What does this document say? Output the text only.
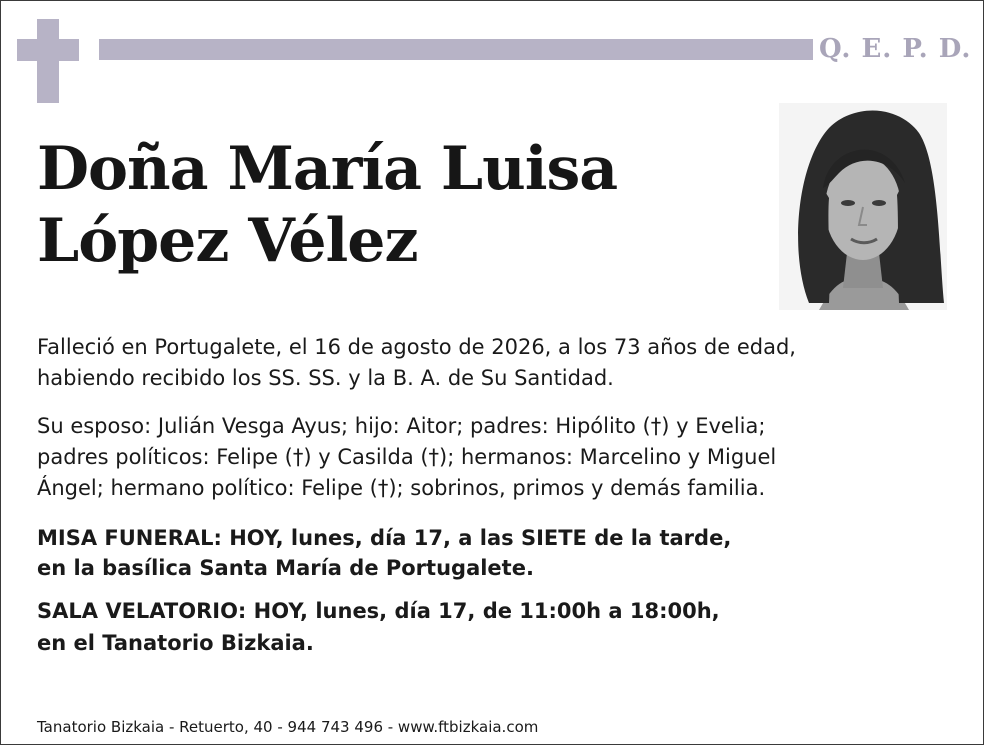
Q. E. P. D.
Doña María Luisa
López Vélez
Falleció en Portugalete, el 16 de agosto de 2026, a los 73 años de edad,
habiendo recibido los SS. SS. y la B. A. de Su Santidad.
Su esposo: Julián Vesga Ayus; hijo: Aitor; padres: Hipólito (†) y Evelia;
padres políticos: Felipe (†) y Casilda (†); hermanos: Marcelino y Miguel
Ángel; hermano político: Felipe (†); sobrinos, primos y demás familia.
MISA FUNERAL: HOY, lunes, día 17, a las SIETE de la tarde,
en la basílica Santa María de Portugalete.
SALA VELATORIO: HOY, lunes, día 17, de 11:00h a 18:00h,
en el Tanatorio Bizkaia.
Tanatorio Bizkaia - Retuerto, 40 - 944 743 496 - www.ftbizkaia.com
